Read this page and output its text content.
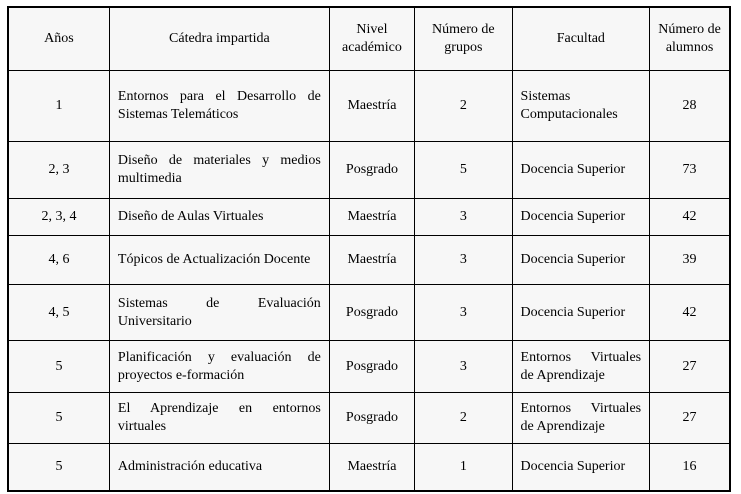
Años	Cátedra impartida	Nivel académico	Número de grupos	Facultad	Número de alumnos
1	Entornos para el Desarrollo de Sistemas Telemáticos	Maestría	2	Sistemas Computacionales	28
2, 3	Diseño de materiales y medios multimedia	Posgrado	5	Docencia Superior	73
2, 3, 4	Diseño de Aulas Virtuales	Maestría	3	Docencia Superior	42
4, 6	Tópicos de Actualización Docente	Maestría	3	Docencia Superior	39
4, 5	Sistemas de Evaluación Universitario	Posgrado	3	Docencia Superior	42
5	Planificación y evaluación de proyectos e-formación	Posgrado	3	Entornos Virtuales de Aprendizaje	27
5	El Aprendizaje en entornos virtuales	Posgrado	2	Entornos Virtuales de Aprendizaje	27
5	Administración educativa	Maestría	1	Docencia Superior	16
